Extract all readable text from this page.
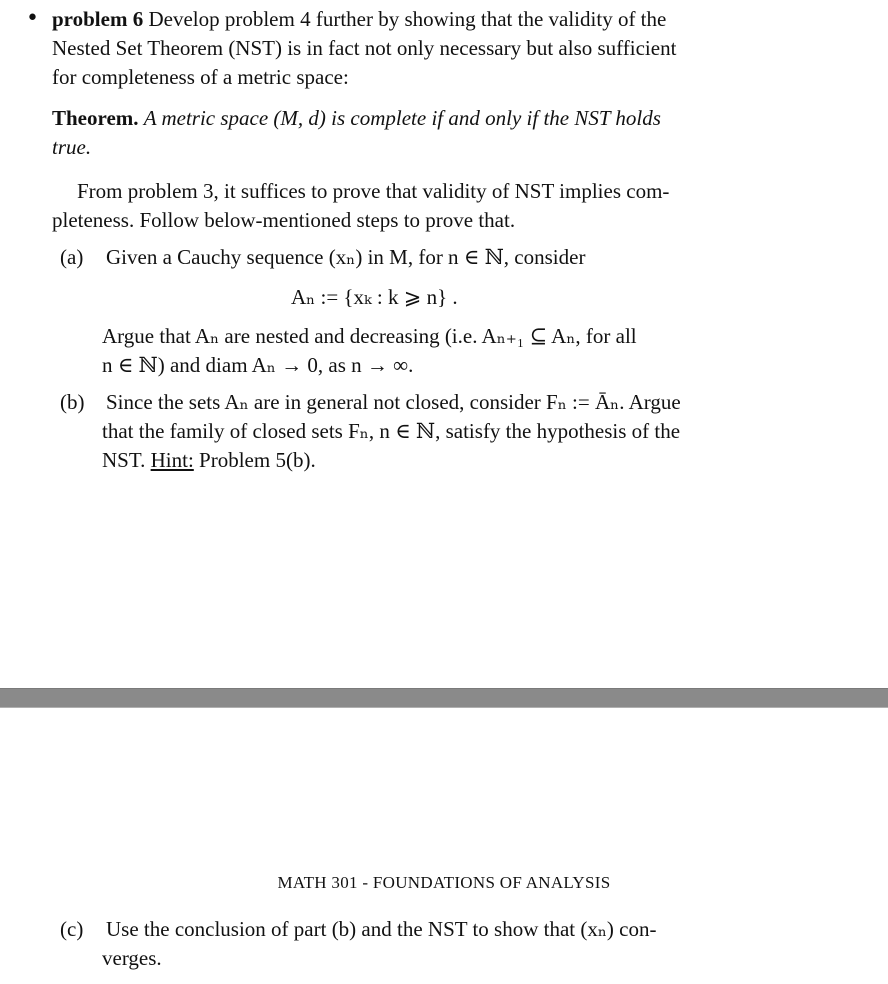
• problem 6 Develop problem 4 further by showing that the validity of the
Nested Set Theorem (NST) is in fact not only necessary but also sufficient
for completeness of a metric space:
Theorem. A metric space (M, d) is complete if and only if the NST holds
true.
From problem 3, it suffices to prove that validity of NST implies com-
pleteness. Follow below-mentioned steps to prove that.
(a) Given a Cauchy sequence (xₙ) in M, for n ∈ ℕ, consider
Aₙ := {xₖ : k ⩾ n} .
Argue that Aₙ are nested and decreasing (i.e. Aₙ₊₁ ⊆ Aₙ, for all
n ∈ ℕ) and diam Aₙ → 0, as n → ∞.
(b) Since the sets Aₙ are in general not closed, consider Fₙ := Āₙ. Argue
that the family of closed sets Fₙ, n ∈ ℕ, satisfy the hypothesis of the
NST. Hint: Problem 5(b).
MATH 301 - FOUNDATIONS OF ANALYSIS
(c) Use the conclusion of part (b) and the NST to show that (xₙ) con-
verges.
